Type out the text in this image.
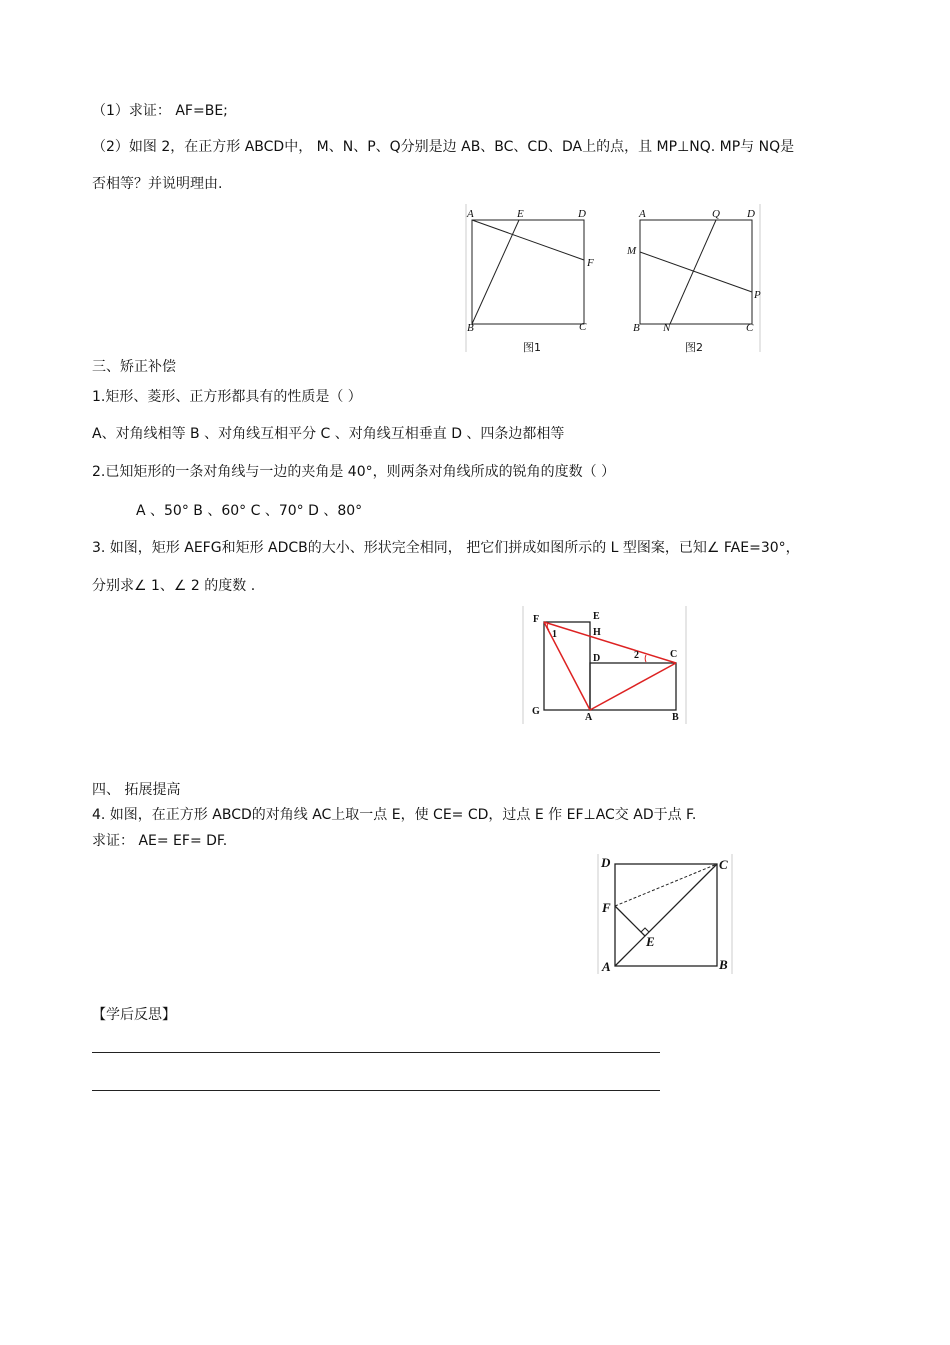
（1）求证： AF=BE;
（2）如图 2，在正方形 ABCD中， M、N、P、Q分别是边 AB、BC、CD、DA上的点，且 MP⊥NQ. MP与 NQ是
否相等？并说明理由.
A	E	D
F
B	C
图1
A	Q D
M
P
B N	C
图2
三、矫正补偿
1.矩形、菱形、正方形都具有的性质是（ ）
A、对角线相等 B 、对角线互相平分 C 、对角线互相垂直 D 、四条边都相等
2.已知矩形的一条对角线与一边的夹角是 40°，则两条对角线所成的锐角的度数（ ）
A 、50° B 、60° C 、70° D 、80°
3. 如图，矩形 AEFG和矩形 ADCB的大小、形状完全相同， 把它们拼成如图所示的 L 型图案，已知∠ FAE=30°，
分别求∠ 1、∠ 2 的度数 .
F	E
H
D	C
G
A	B
1
2
四、 拓展提高
4. 如图，在正方形 ABCD的对角线 AC上取一点 E，使 CE= CD，过点 E 作 EF⊥AC交 AD于点 F.
求证： AE= EF= DF.
D	C
F
E
A	B
【学后反思】
